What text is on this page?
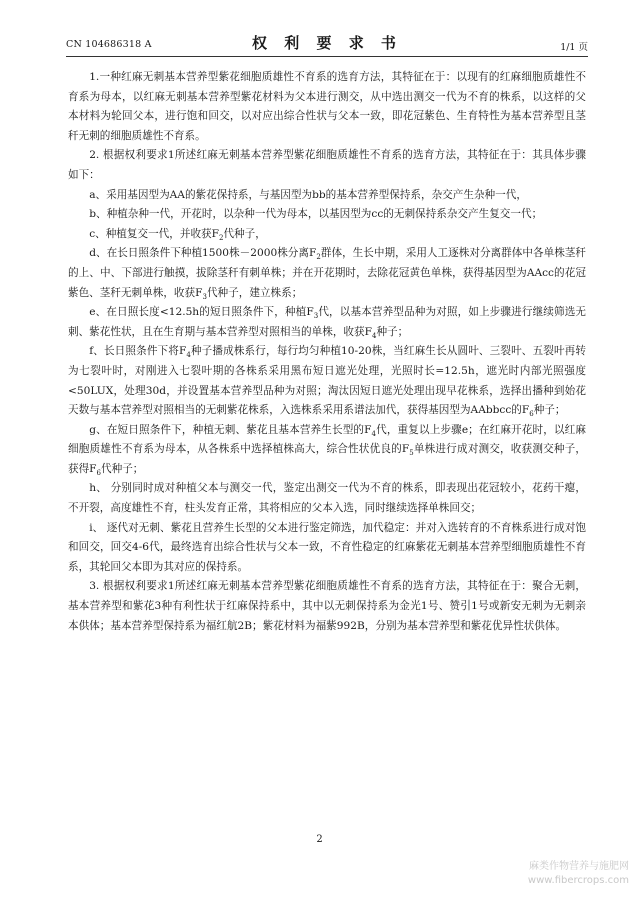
CN 104686318 A	权 利 要 求 书	1/1 页

1.一种红麻无刺基本营养型紫花细胞质雄性不育系的选育方法，其特征在于：以现有的红麻细胞质雄性不育系为母本，以红麻无刺基本营养型紫花材料为父本进行测交，从中选出测交一代为不育的株系，以这样的父本材料为轮回父本，进行饱和回交，以对应出综合性状与父本一致，即花冠紫色、生育特性为基本营养型且茎秆无刺的细胞质雄性不育系。

2. 根据权利要求1所述红麻无刺基本营养型紫花细胞质雄性不育系的选育方法，其特征在于：其具体步骤如下：

a、采用基因型为AA的紫花保持系，与基因型为bb的基本营养型保持系，杂交产生杂种一代，

b、种植杂种一代，开花时，以杂种一代为母本，以基因型为cc的无刺保持系杂交产生复交一代；

c、种植复交一代，并收获$F_2$代种子，

d、在长日照条件下种植1500株－2000株分离$F_2$群体，生长中期，采用人工逐株对分离群体中各单株茎秆的上、中、下部进行触摸，拔除茎秆有刺单株；并在开花期时，去除花冠黄色单株，获得基因型为AAcc的花冠紫色、茎秆无刺单株，收获$F_3$代种子，建立株系；

e、在日照长度<12.5h的短日照条件下，种植$F_3$代，以基本营养型品种为对照，如上步骤进行继续筛选无刺、紫花性状，且在生育期与基本营养型对照相当的单株，收获$F_4$种子；

f、长日照条件下将$F_4$种子播成株系行，每行均匀种植10-20株，当红麻生长从圆叶、三裂叶、五裂叶再转为七裂叶时，对刚进入七裂叶期的各株系采用黑布短日遮光处理，光照时长=12.5h，遮光时内部光照强度<50LUX，处理30d，并设置基本营养型品种为对照；淘汰因短日遮光处理出现早花株系，选择出播种到始花天数与基本营养型对照相当的无刺紫花株系，入选株系采用系谱法加代，获得基因型为AAbbcc的$F_6$种子；

g、在短日照条件下，种植无刺、紫花且基本营养生长型的$F_4$代，重复以上步骤e；在红麻开花时，以红麻细胞质雄性不育系为母本，从各株系中选择植株高大，综合性状优良的$F_5$单株进行成对测交，收获测交种子，获得$F_6$代种子；

h、 分别同时成对种植父本与测交一代，鉴定出测交一代为不育的株系，即表现出花冠较小，花药干瘪，不开裂，高度雄性不育，柱头发育正常，其将相应的父本入选，同时继续选择单株回交；

i、 逐代对无刺、紫花且营养生长型的父本进行鉴定筛选，加代稳定：并对入选转育的不育株系进行成对饱和回交，回交4-6代，最终选育出综合性状与父本一致，不育性稳定的红麻紫花无刺基本营养型细胞质雄性不育系，其轮回父本即为其对应的保持系。

3. 根据权利要求1所述红麻无刺基本营养型紫花细胞质雄性不育系的选育方法，其特征在于：聚合无刺，基本营养型和紫花3种有利性状于红麻保持系中，其中以无刺保持系为金光1号、赞引1号或新安无刺为无刺亲本供体；基本营养型保持系为福红航2B；紫花材料为福紫992B，分别为基本营养型和紫花优异性状供体。

2
麻类作物营养与施肥网
www.fibercrops.com
